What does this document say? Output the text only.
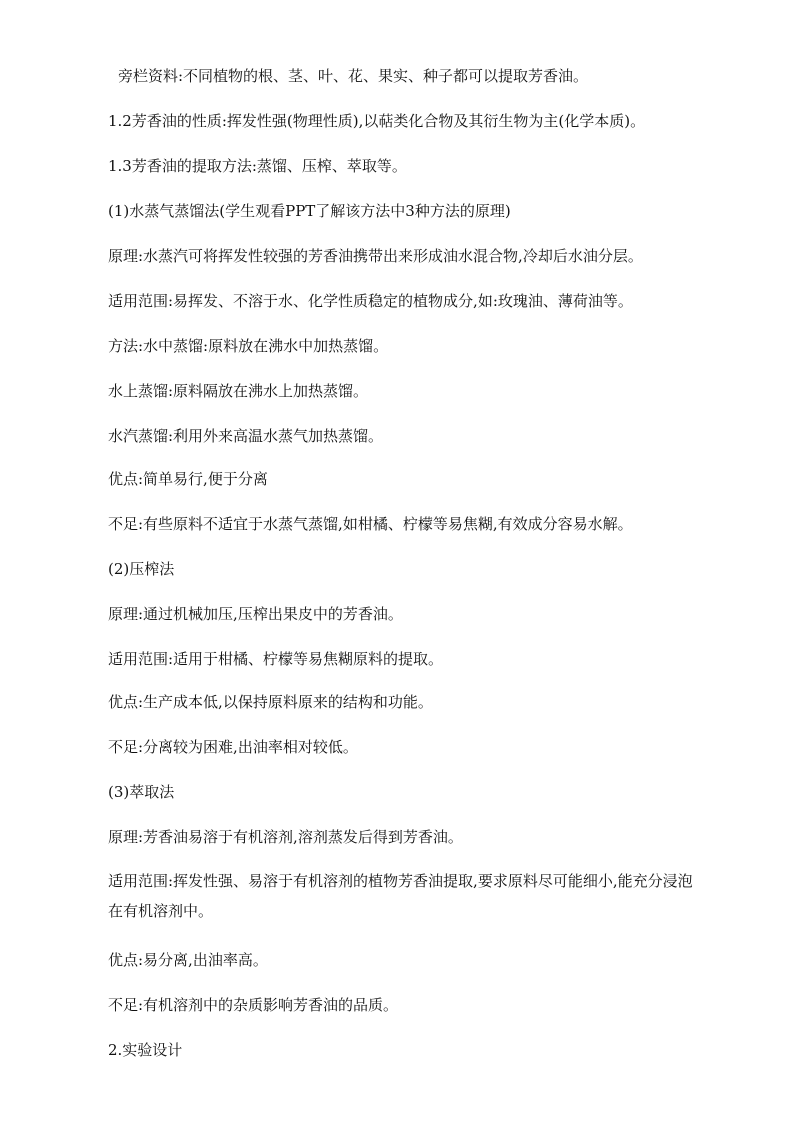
旁栏资料:不同植物的根、茎、叶、花、果实、种子都可以提取芳香油。
1.2芳香油的性质:挥发性强(物理性质),以萜类化合物及其衍生物为主(化学本质)。
1.3芳香油的提取方法:蒸馏、压榨、萃取等。
(1)水蒸气蒸馏法(学生观看PPT了解该方法中3种方法的原理)
原理:水蒸汽可将挥发性较强的芳香油携带出来形成油水混合物,冷却后水油分层。
适用范围:易挥发、不溶于水、化学性质稳定的植物成分,如:玫瑰油、薄荷油等。
方法:水中蒸馏:原料放在沸水中加热蒸馏。
水上蒸馏:原料隔放在沸水上加热蒸馏。
水汽蒸馏:利用外来高温水蒸气加热蒸馏。
优点:简单易行,便于分离
不足:有些原料不适宜于水蒸气蒸馏,如柑橘、柠檬等易焦糊,有效成分容易水解。
(2)压榨法
原理:通过机械加压,压榨出果皮中的芳香油。
适用范围:适用于柑橘、柠檬等易焦糊原料的提取。
优点:生产成本低,以保持原料原来的结构和功能。
不足:分离较为困难,出油率相对较低。
(3)萃取法
原理:芳香油易溶于有机溶剂,溶剂蒸发后得到芳香油。
适用范围:挥发性强、易溶于有机溶剂的植物芳香油提取,要求原料尽可能细小,能充分浸泡在有机溶剂中。
优点:易分离,出油率高。
不足:有机溶剂中的杂质影响芳香油的品质。
2.实验设计
